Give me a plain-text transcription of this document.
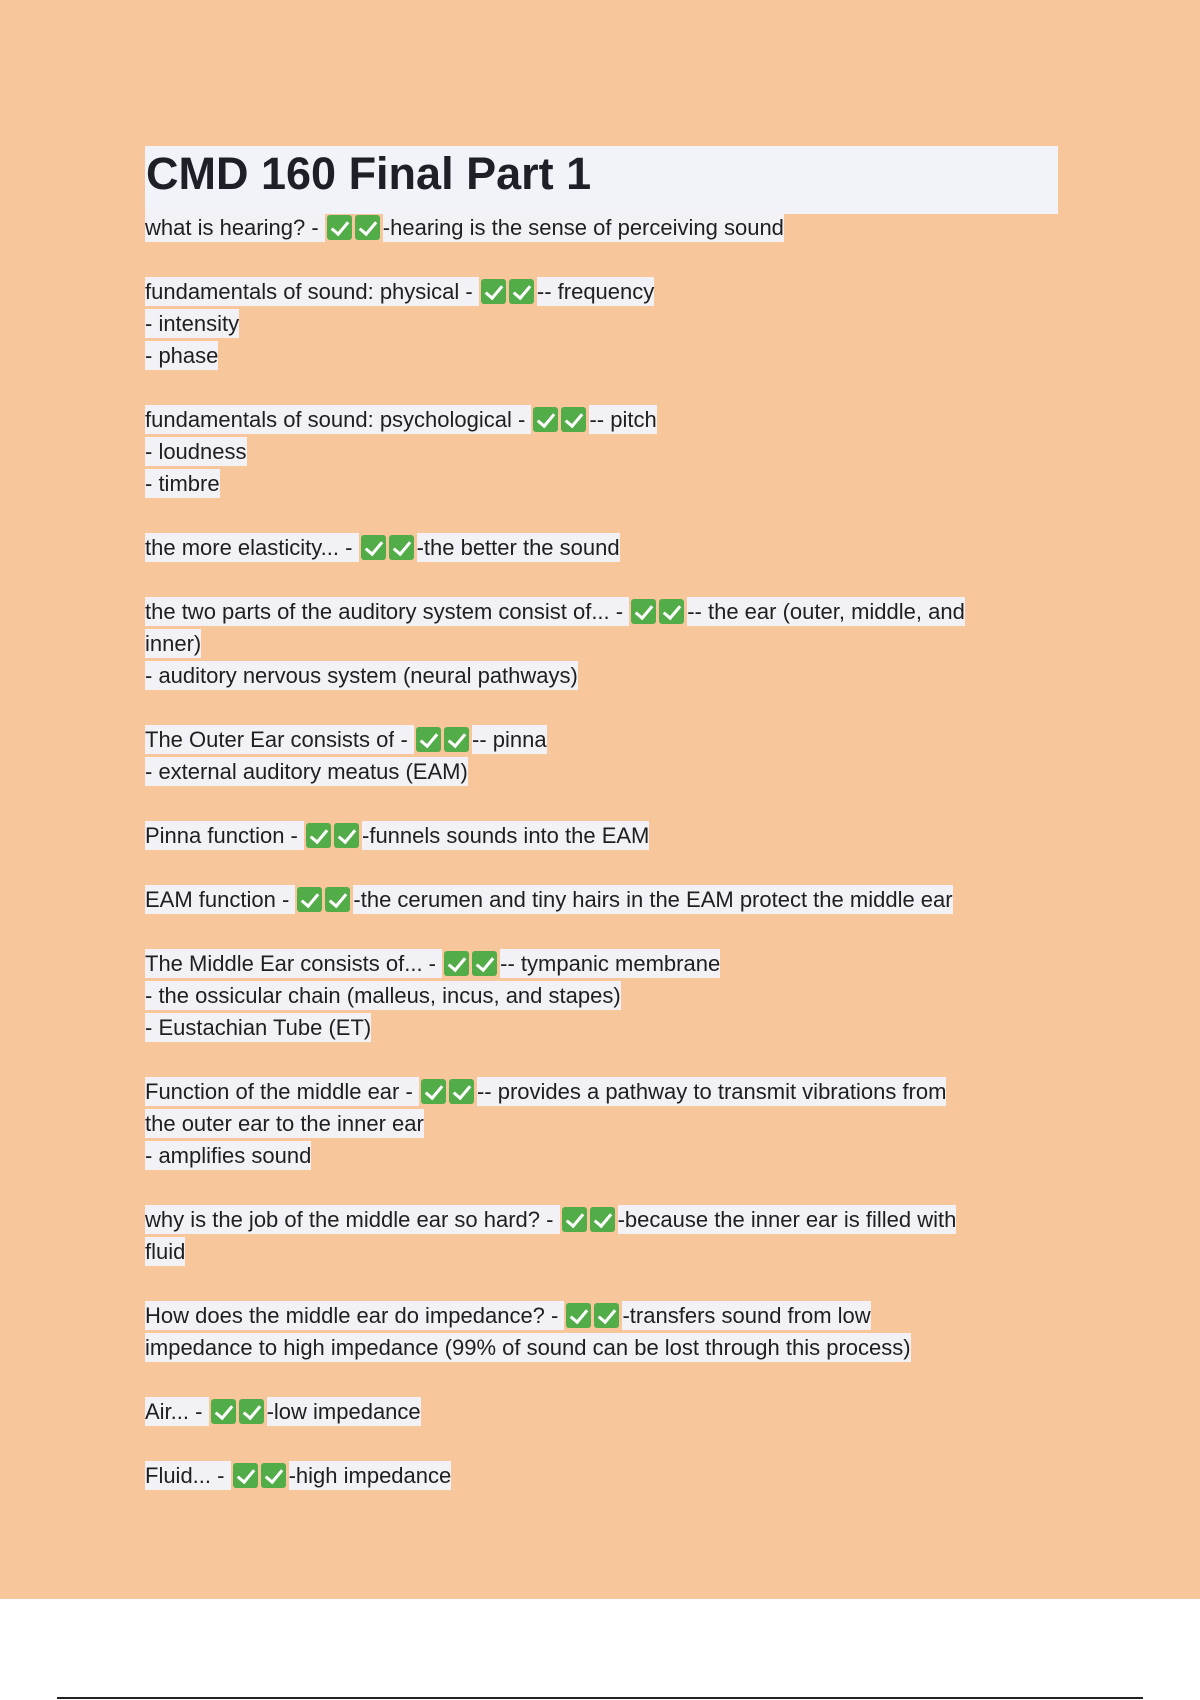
CMD 160 Final Part 1
what is hearing? -	-hearing is the sense of perceiving sound
fundamentals of sound: physical -	-- frequency
- intensity
- phase
fundamentals of sound: psychological -	-- pitch
- loudness
- timbre
the more elasticity... -	-the better the sound
the two parts of the auditory system consist of... -	-- the ear (outer, middle, and
inner)
- auditory nervous system (neural pathways)
The Outer Ear consists of -	-- pinna
- external auditory meatus (EAM)
Pinna function -	-funnels sounds into the EAM
EAM function -	-the cerumen and tiny hairs in the EAM protect the middle ear
The Middle Ear consists of... -	-- tympanic membrane
- the ossicular chain (malleus, incus, and stapes)
- Eustachian Tube (ET)
Function of the middle ear -	-- provides a pathway to transmit vibrations from
the outer ear to the inner ear
- amplifies sound
why is the job of the middle ear so hard? -	-because the inner ear is filled with
fluid
How does the middle ear do impedance? -	-transfers sound from low
impedance to high impedance (99% of sound can be lost through this process)
Air... -	-low impedance
Fluid... -	-high impedance
